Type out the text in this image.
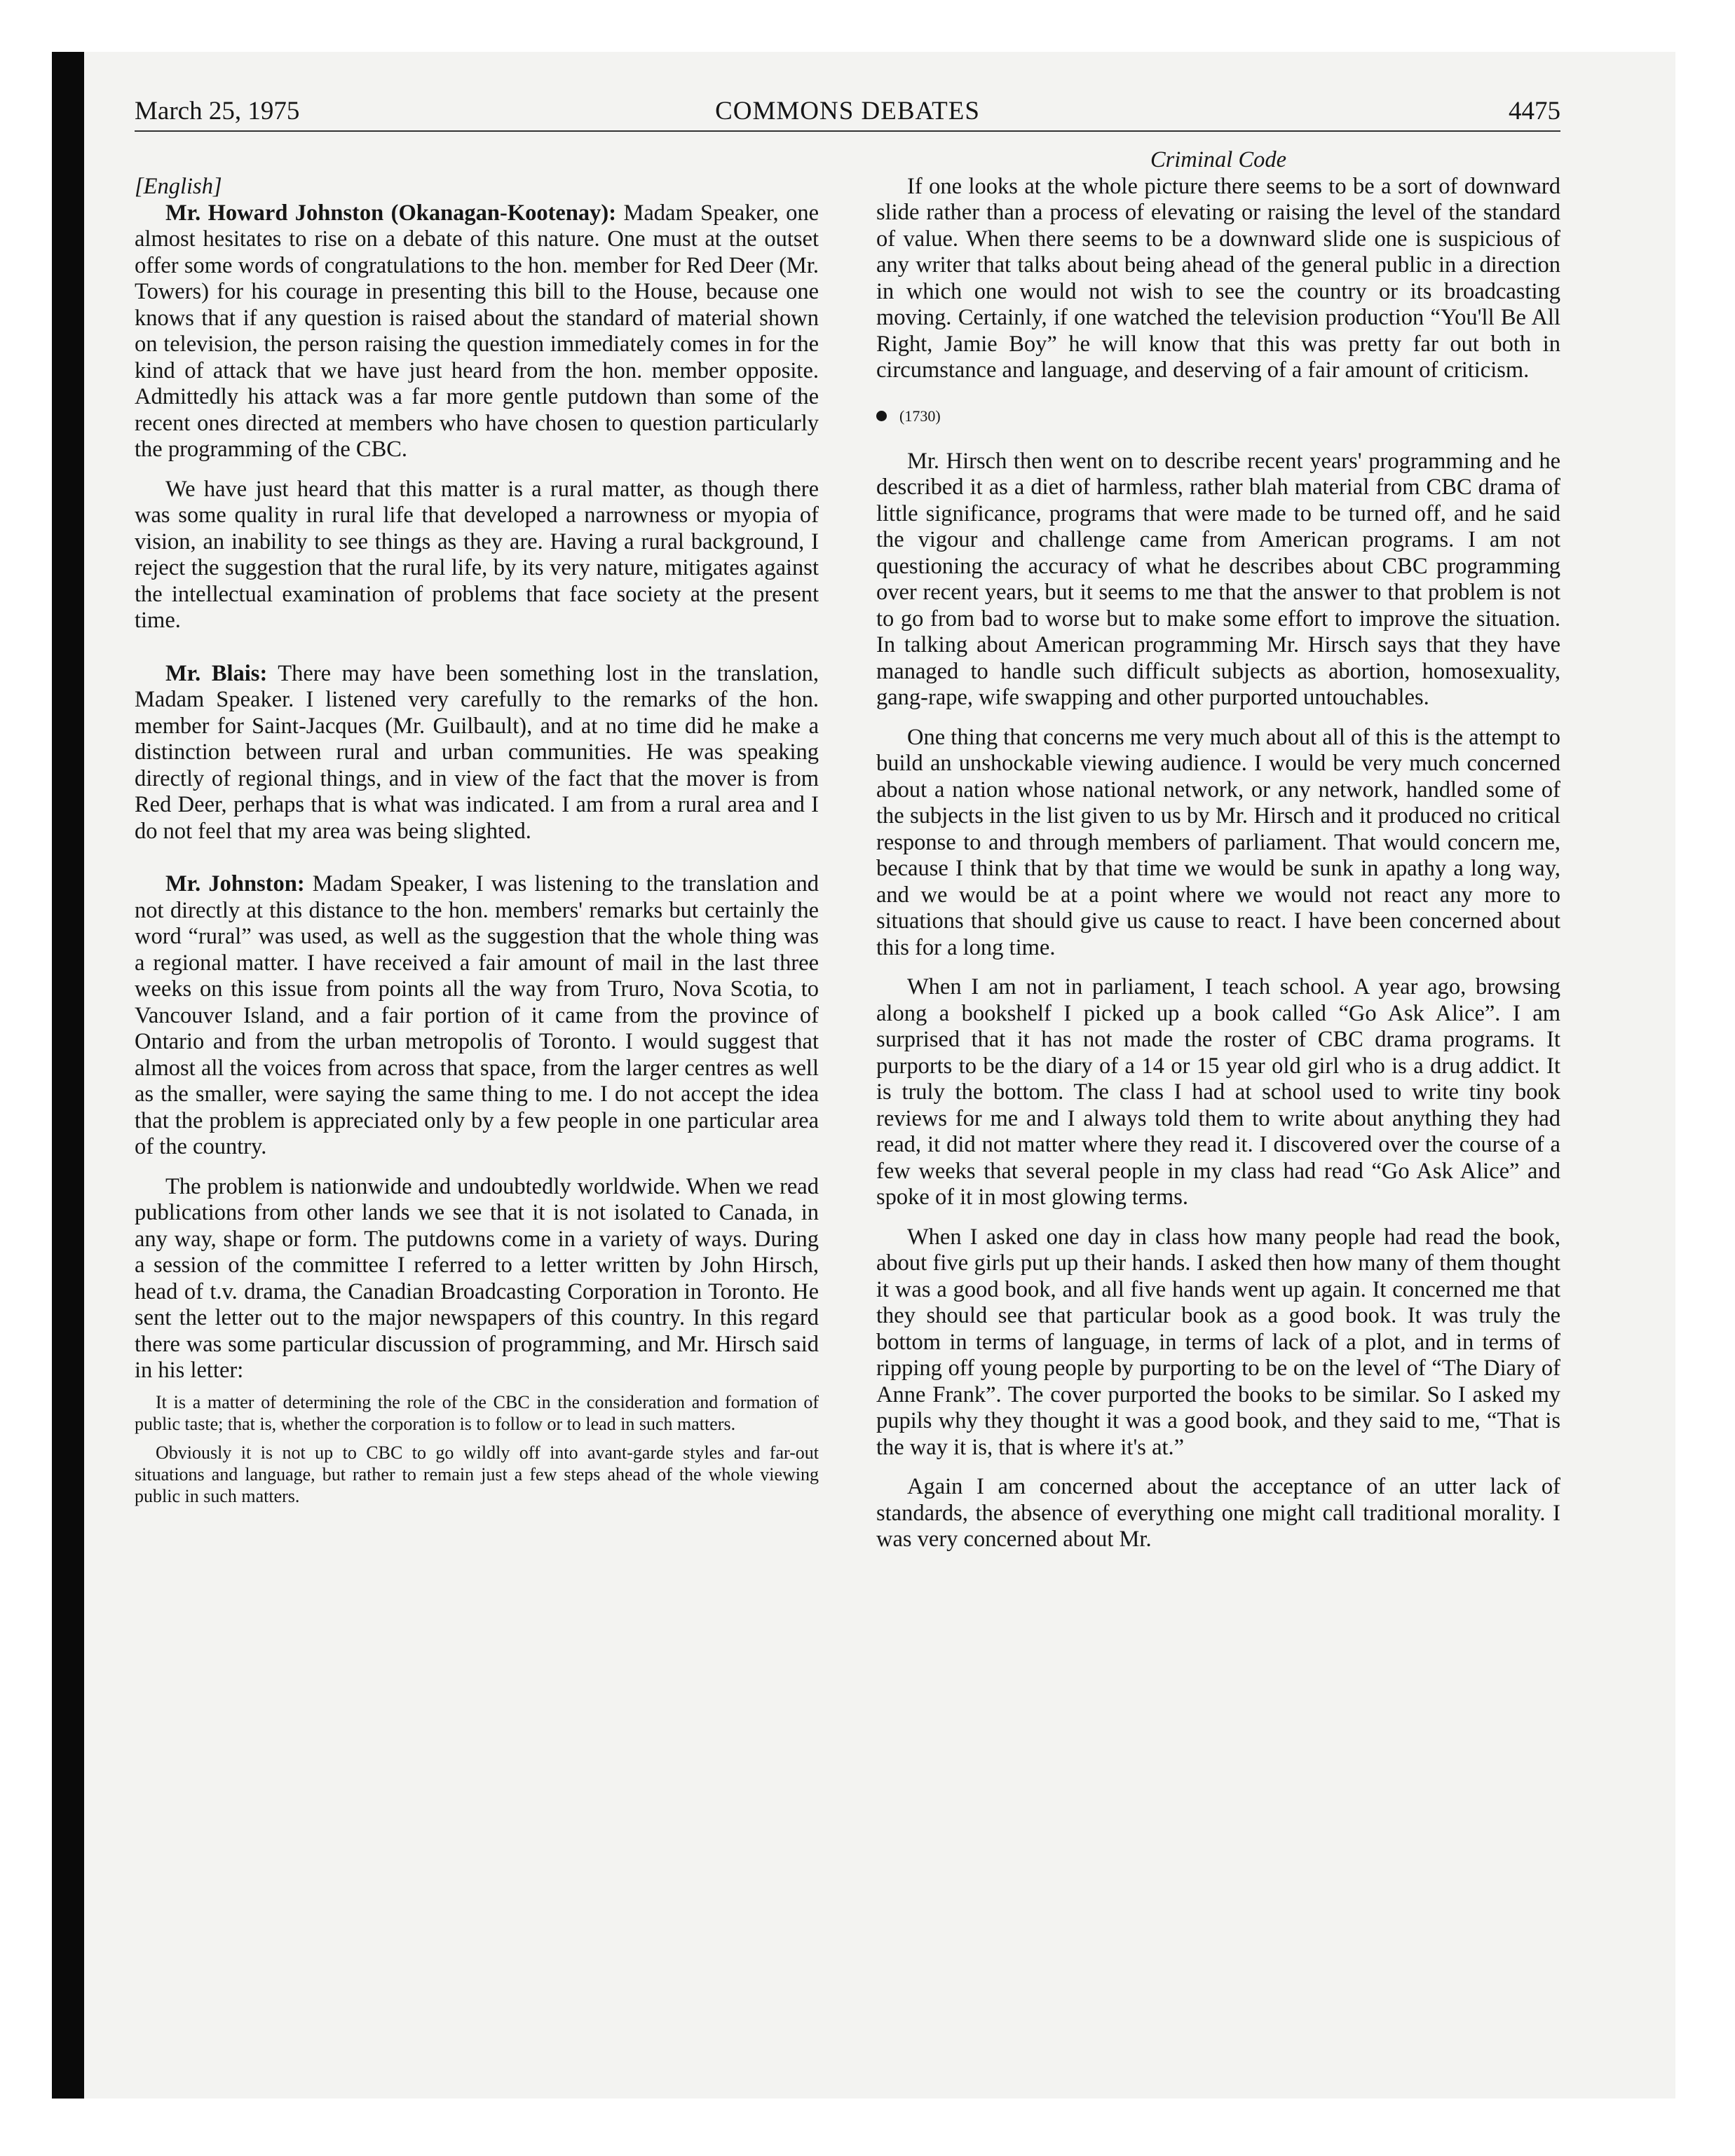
March 25, 1975	COMMONS DEBATES	4475

[English]

Mr. Howard Johnston (Okanagan-Kootenay): Madam Speaker, one almost hesitates to rise on a debate of this nature. One must at the outset offer some words of congratulations to the hon. member for Red Deer (Mr. Towers) for his courage in presenting this bill to the House, because one knows that if any question is raised about the standard of material shown on television, the person raising the question immediately comes in for the kind of attack that we have just heard from the hon. member opposite. Admittedly his attack was a far more gentle putdown than some of the recent ones directed at members who have chosen to question particularly the programming of the CBC.

We have just heard that this matter is a rural matter, as though there was some quality in rural life that developed a narrowness or myopia of vision, an inability to see things as they are. Having a rural background, I reject the suggestion that the rural life, by its very nature, mitigates against the intellectual examination of problems that face society at the present time.

Mr. Blais: There may have been something lost in the translation, Madam Speaker. I listened very carefully to the remarks of the hon. member for Saint-Jacques (Mr. Guilbault), and at no time did he make a distinction between rural and urban communities. He was speaking directly of regional things, and in view of the fact that the mover is from Red Deer, perhaps that is what was indicated. I am from a rural area and I do not feel that my area was being slighted.

Mr. Johnston: Madam Speaker, I was listening to the translation and not directly at this distance to the hon. members' remarks but certainly the word “rural” was used, as well as the suggestion that the whole thing was a regional matter. I have received a fair amount of mail in the last three weeks on this issue from points all the way from Truro, Nova Scotia, to Vancouver Island, and a fair portion of it came from the province of Ontario and from the urban metropolis of Toronto. I would suggest that almost all the voices from across that space, from the larger centres as well as the smaller, were saying the same thing to me. I do not accept the idea that the problem is appreciated only by a few people in one particular area of the country.

The problem is nationwide and undoubtedly worldwide. When we read publications from other lands we see that it is not isolated to Canada, in any way, shape or form. The putdowns come in a variety of ways. During a session of the committee I referred to a letter written by John Hirsch, head of t.v. drama, the Canadian Broadcasting Corporation in Toronto. He sent the letter out to the major newspapers of this country. In this regard there was some particular discussion of programming, and Mr. Hirsch said in his letter:

It is a matter of determining the role of the CBC in the consideration and formation of public taste; that is, whether the corporation is to follow or to lead in such matters.

Obviously it is not up to CBC to go wildly off into avant-garde styles and far-out situations and language, but rather to remain just a few steps ahead of the whole viewing public in such matters.

Criminal Code

If one looks at the whole picture there seems to be a sort of downward slide rather than a process of elevating or raising the level of the standard of value. When there seems to be a downward slide one is suspicious of any writer that talks about being ahead of the general public in a direction in which one would not wish to see the country or its broadcasting moving. Certainly, if one watched the television production “You'll Be All Right, Jamie Boy” he will know that this was pretty far out both in circumstance and language, and deserving of a fair amount of criticism.

(1730)

Mr. Hirsch then went on to describe recent years' programming and he described it as a diet of harmless, rather blah material from CBC drama of little significance, programs that were made to be turned off, and he said the vigour and challenge came from American programs. I am not questioning the accuracy of what he describes about CBC programming over recent years, but it seems to me that the answer to that problem is not to go from bad to worse but to make some effort to improve the situation. In talking about American programming Mr. Hirsch says that they have managed to handle such difficult subjects as abortion, homosexuality, gang-rape, wife swapping and other purported untouchables.

One thing that concerns me very much about all of this is the attempt to build an unshockable viewing audience. I would be very much concerned about a nation whose national network, or any network, handled some of the subjects in the list given to us by Mr. Hirsch and it produced no critical response to and through members of parliament. That would concern me, because I think that by that time we would be sunk in apathy a long way, and we would be at a point where we would not react any more to situations that should give us cause to react. I have been concerned about this for a long time.

When I am not in parliament, I teach school. A year ago, browsing along a bookshelf I picked up a book called “Go Ask Alice”. I am surprised that it has not made the roster of CBC drama programs. It purports to be the diary of a 14 or 15 year old girl who is a drug addict. It is truly the bottom. The class I had at school used to write tiny book reviews for me and I always told them to write about anything they had read, it did not matter where they read it. I discovered over the course of a few weeks that several people in my class had read “Go Ask Alice” and spoke of it in most glowing terms.

When I asked one day in class how many people had read the book, about five girls put up their hands. I asked then how many of them thought it was a good book, and all five hands went up again. It concerned me that they should see that particular book as a good book. It was truly the bottom in terms of language, in terms of lack of a plot, and in terms of ripping off young people by purporting to be on the level of “The Diary of Anne Frank”. The cover purported the books to be similar. So I asked my pupils why they thought it was a good book, and they said to me, “That is the way it is, that is where it's at.”

Again I am concerned about the acceptance of an utter lack of standards, the absence of everything one might call traditional morality. I was very concerned about Mr.
